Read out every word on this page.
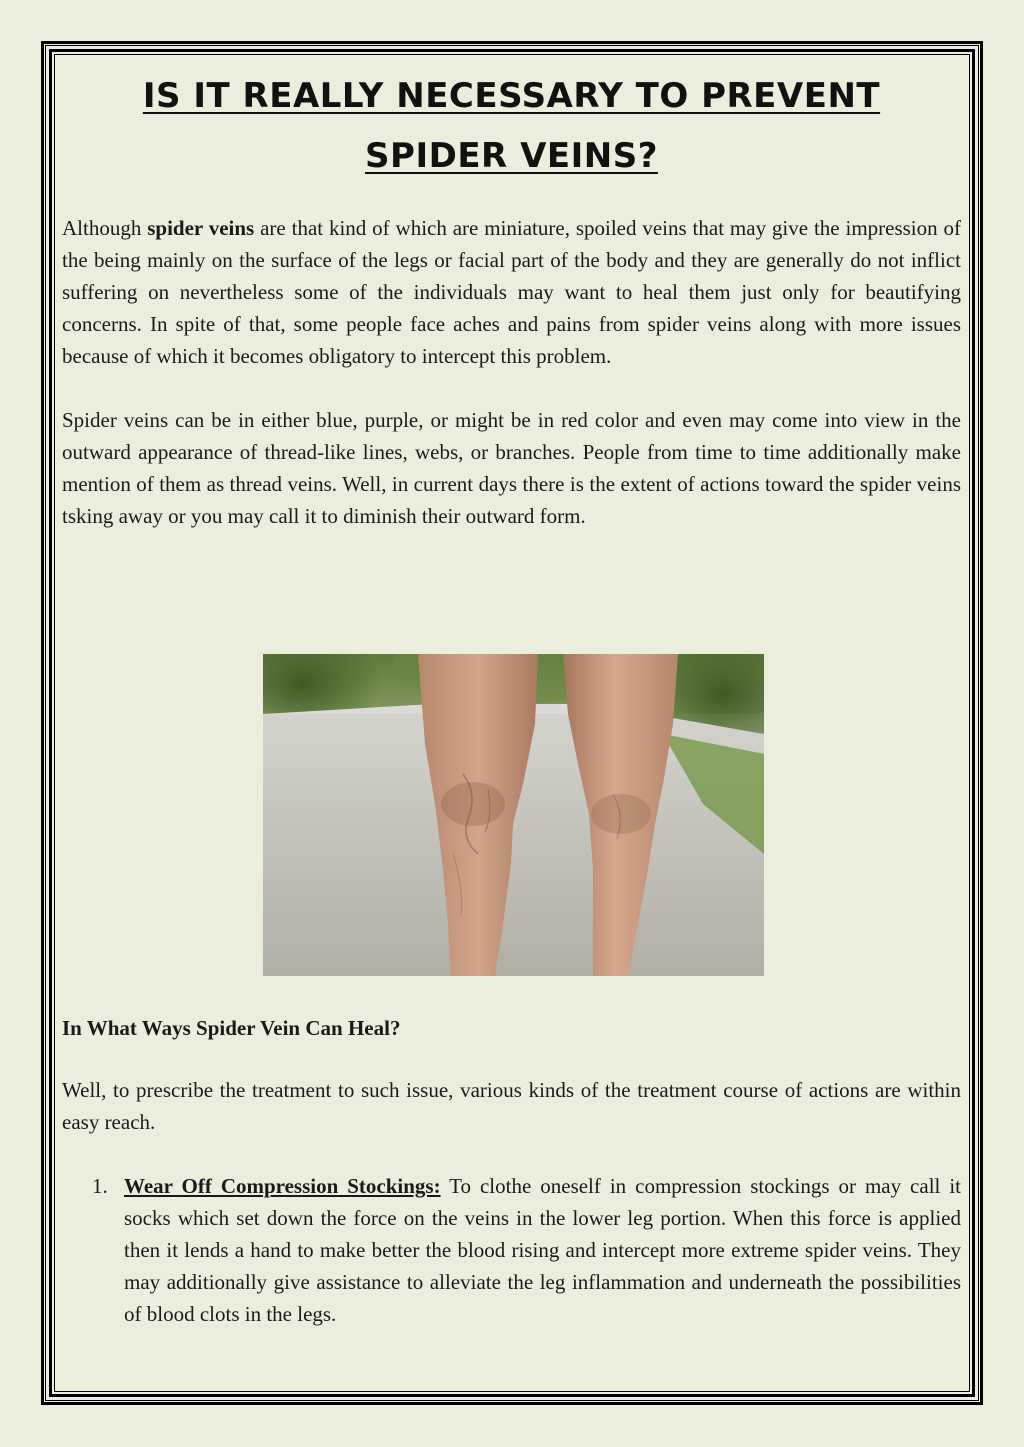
IS IT REALLY NECESSARY TO PREVENT
SPIDER VEINS?

Although spider veins are that kind of which are miniature, spoiled veins that may give the impression of the being mainly on the surface of the legs or facial part of the body and they are generally do not inflict suffering on nevertheless some of the individuals may want to heal them just only for beautifying concerns. In spite of that, some people face aches and pains from spider veins along with more issues because of which it becomes obligatory to intercept this problem.

Spider veins can be in either blue, purple, or might be in red color and even may come into view in the outward appearance of thread-like lines, webs, or branches. People from time to time additionally make mention of them as thread veins. Well, in current days there is the extent of actions toward the spider veins tsking away or you may call it to diminish their outward form.

In What Ways Spider Vein Can Heal?

Well, to prescribe the treatment to such issue, various kinds of the treatment course of actions are within easy reach.

1. Wear Off Compression Stockings: To clothe oneself in compression stockings or may call it socks which set down the force on the veins in the lower leg portion. When this force is applied then it lends a hand to make better the blood rising and intercept more extreme spider veins. They may additionally give assistance to alleviate the leg inflammation and underneath the possibilities of blood clots in the legs.
